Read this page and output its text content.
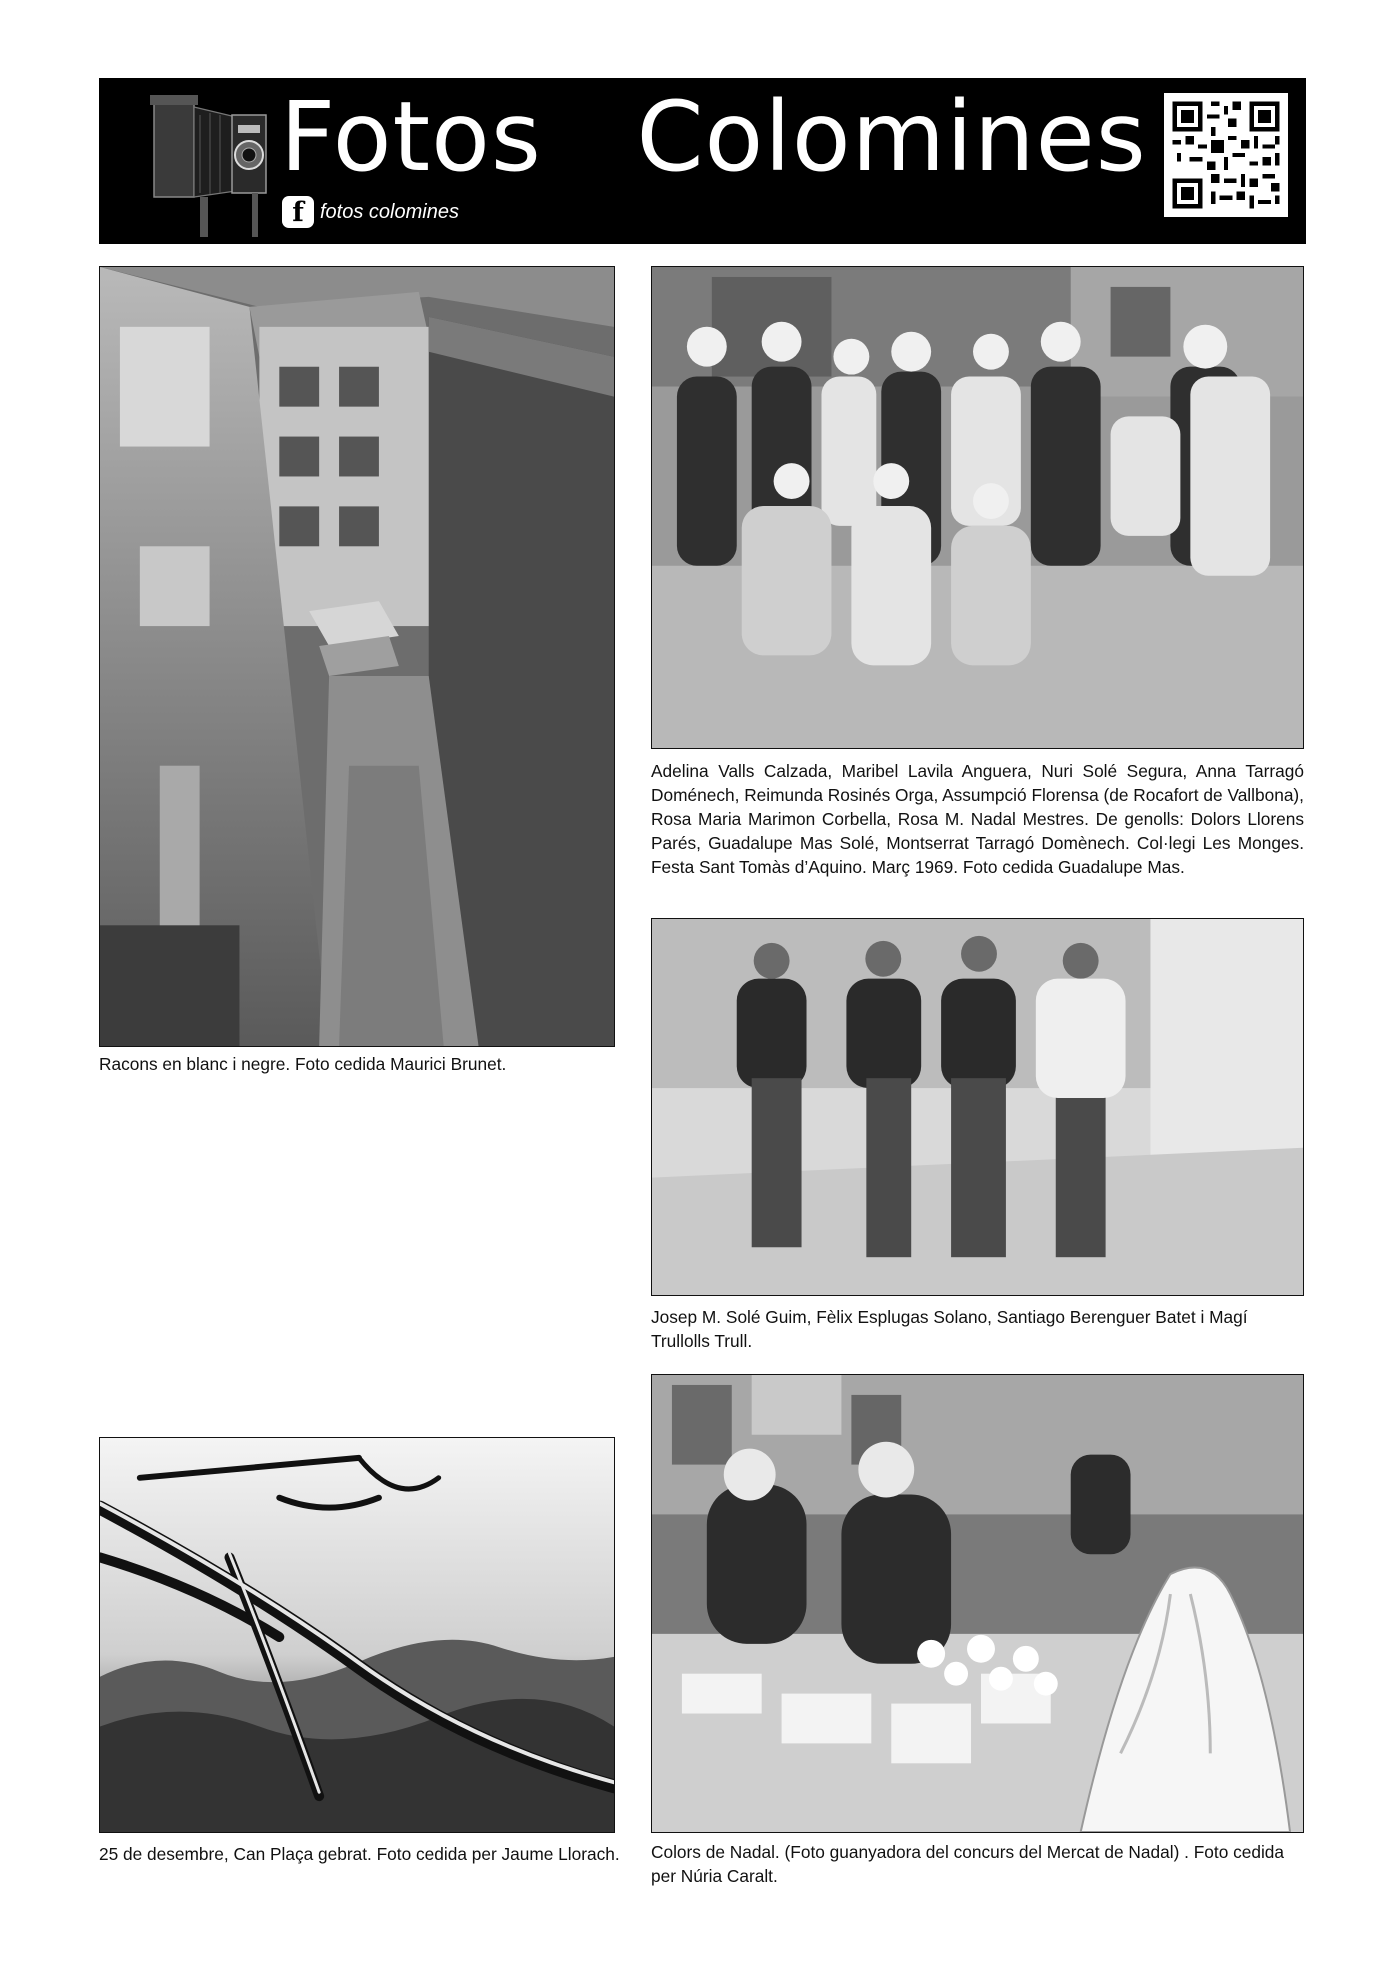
Fotos   Colomines
f fotos colomines

Racons en blanc i negre. Foto cedida Maurici Brunet.

Adelina Valls Calzada, Maribel Lavila Anguera, Nuri Solé Segura, Anna Tarragó Doménech, Reimunda Rosinés Orga, Assumpció Florensa (de Rocafort de Vallbona), Rosa Maria Marimon Corbella, Rosa M. Nadal Mestres. De genolls: Dolors Llorens Parés, Guadalupe Mas Solé, Montserrat Tarragó Domènech. Col·legi Les Monges. Festa Sant Tomàs d’Aquino. Març 1969. Foto cedida Guadalupe Mas.

Josep M. Solé Guim, Fèlix Esplugas Solano, Santiago Berenguer Batet i Magí Trullolls Trull.

25 de desembre, Can Plaça gebrat. Foto cedida per Jaume Llorach. Colors de Nadal. (Foto guanyadora del concurs del Mercat de Nadal) . Foto cedida per Núria Caralt.
